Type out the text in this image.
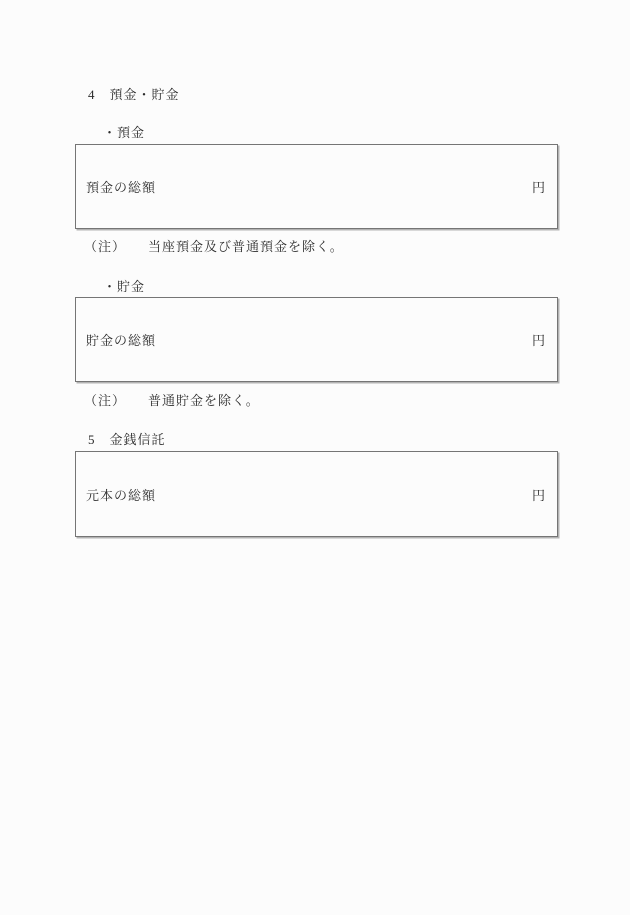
4　預金・貯金
・預金
預金の総額	円
（注） 当座預金及び普通預金を除く。
・貯金
貯金の総額	円
（注） 普通貯金を除く。
5　金銭信託
元本の総額	円
